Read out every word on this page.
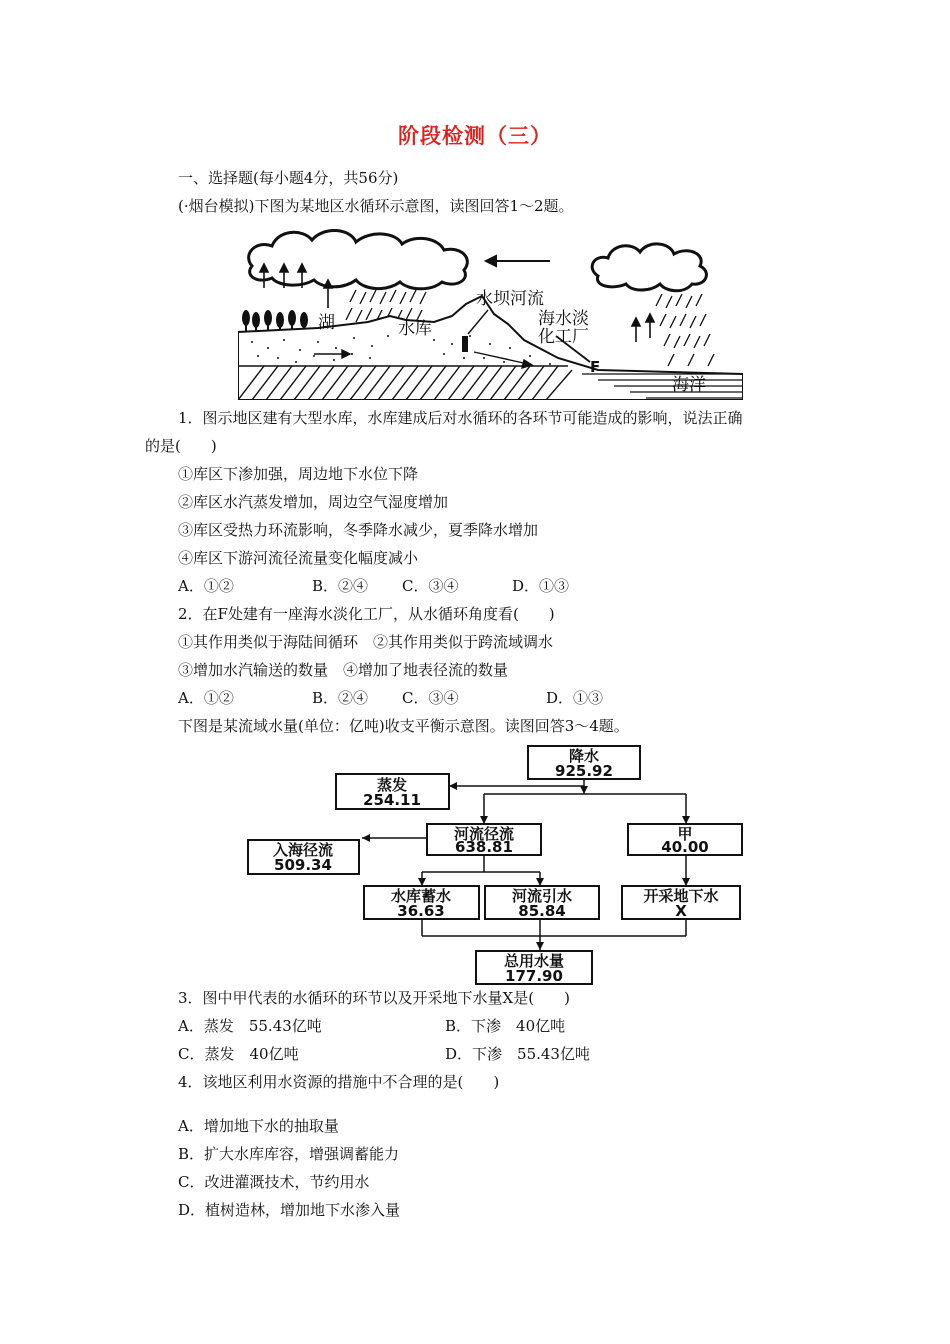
阶段检测（三）
一、选择题(每小题4分，共56分)
(·烟台模拟)下图为某地区水循环示意图，读图回答1～2题。
湖	水库
水坝河流
海水淡
化工厂
F
海洋
1．图示地区建有大型水库，水库建成后对水循环的各环节可能造成的影响，说法正确
的是(　　)
①库区下渗加强，周边地下水位下降
②库区水汽蒸发增加，周边空气湿度增加
③库区受热力环流影响，冬季降水减少，夏季降水增加
④库区下游河流径流量变化幅度减小
A．①②	B．②④ C．③④	D．①③
2．在F处建有一座海水淡化工厂，从水循环角度看(　　)
①其作用类似于海陆间循环　②其作用类似于跨流域调水
③增加水汽输送的数量　④增加了地表径流的数量
A．①②	B．②④ C．③④	D．①③
下图是某流域水量(单位：亿吨)收支平衡示意图。读图回答3～4题。
降水
925.92
蒸发
254.11
河流径流
638.81
甲
40.00
入海径流
509.34
水库蓄水
36.63
河流引水
85.84
开采地下水
X
总用水量
177.90
3．图中甲代表的水循环的环节以及开采地下水量X是(　　)
A．蒸发　55.43亿吨	B．下渗　40亿吨
C．蒸发　40亿吨	D．下渗　55.43亿吨
4．该地区利用水资源的措施中不合理的是(　　)
A．增加地下水的抽取量
B．扩大水库库容，增强调蓄能力
C．改进灌溉技术，节约用水
D．植树造林，增加地下水渗入量
